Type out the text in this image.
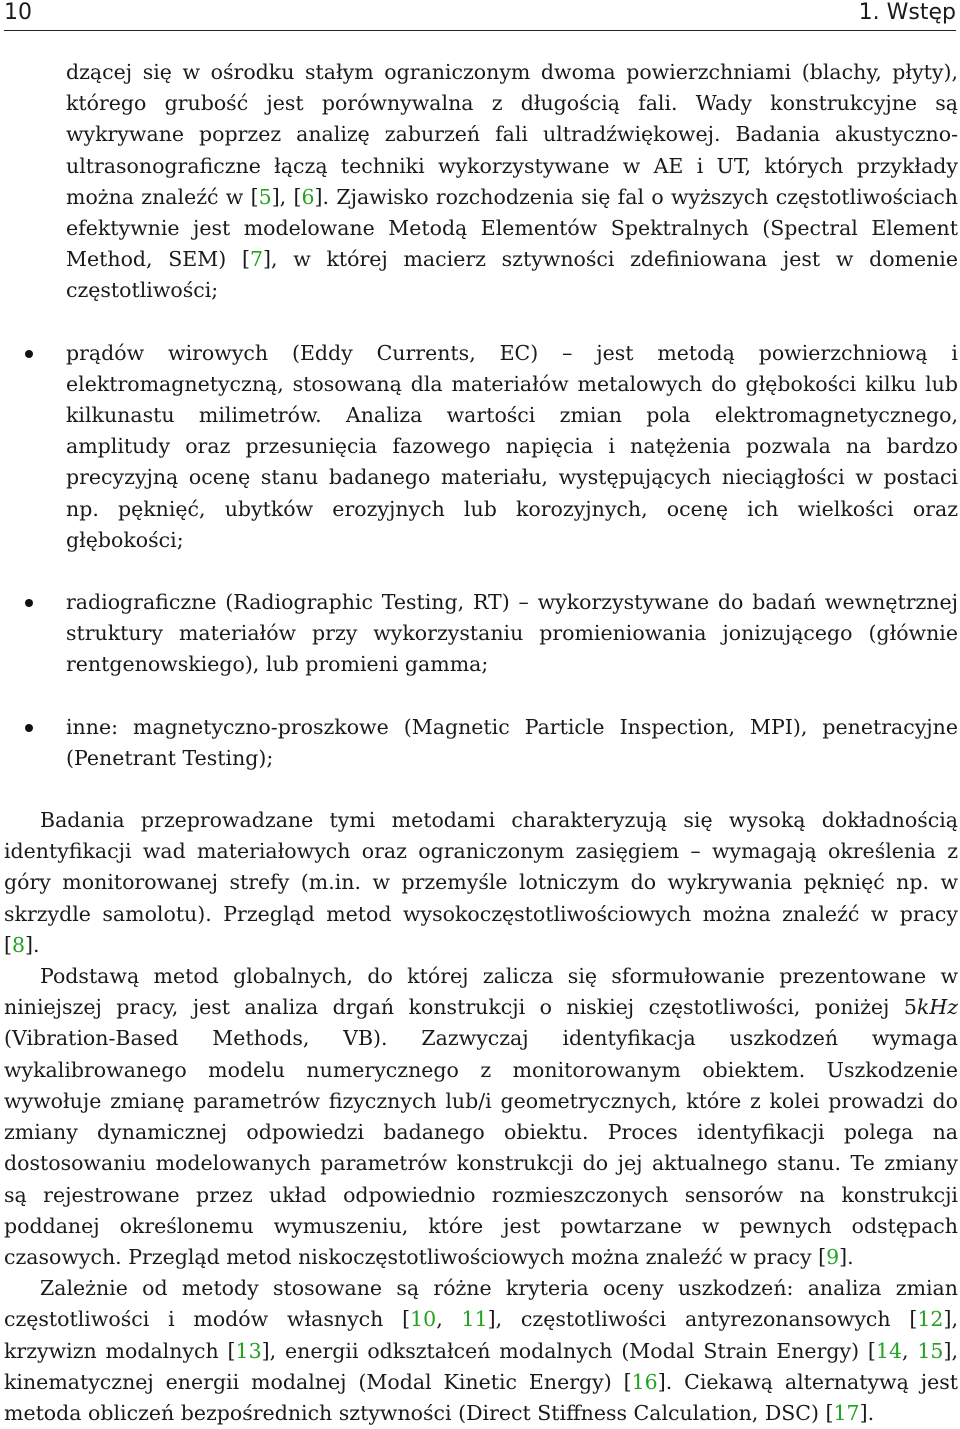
10	1. Wstęp
dzącej się w ośrodku stałym ograniczonym dwoma powierzchniami (blachy, płyty), którego grubość jest porównywalna z długością fali. Wady konstrukcyjne są wykrywane poprzez analizę zaburzeń fali ultradźwiękowej. Badania akustyczno-ultrasonograficzne łączą techniki wykorzystywane w AE i UT, których przykłady można znaleźć w [5], [6]. Zjawisko rozchodzenia się fal o wyższych częstotliwościach efektywnie jest modelowane Metodą Elementów Spektralnych (Spectral Element Method, SEM) [7], w której macierz sztywności zdefiniowana jest w domenie częstotliwości;
prądów wirowych (Eddy Currents, EC) – jest metodą powierzchniową i elektromagnetyczną, stosowaną dla materiałów metalowych do głębokości kilku lub kilkunastu milimetrów. Analiza wartości zmian pola elektromagnetycznego, amplitudy oraz przesunięcia fazowego napięcia i natężenia pozwala na bardzo precyzyjną ocenę stanu badanego materiału, występujących nieciągłości w postaci np. pęknięć, ubytków erozyjnych lub korozyjnych, ocenę ich wielkości oraz głębokości;
radiograficzne (Radiographic Testing, RT) – wykorzystywane do badań wewnętrznej struktury materiałów przy wykorzystaniu promieniowania jonizującego (głównie rentgenowskiego), lub promieni gamma;
inne: magnetyczno-proszkowe (Magnetic Particle Inspection, MPI), penetracyjne (Penetrant Testing);

Badania przeprowadzane tymi metodami charakteryzują się wysoką dokładnością identyfikacji wad materiałowych oraz ograniczonym zasięgiem – wymagają określenia z góry monitorowanej strefy (m.in. w przemyśle lotniczym do wykrywania pęknięć np. w skrzydle samolotu). Przegląd metod wysokoczęstotliwościowych można znaleźć w pracy [8].

Podstawą metod globalnych, do której zalicza się sformułowanie prezentowane w niniejszej pracy, jest analiza drgań konstrukcji o niskiej częstotliwości, poniżej 5kHz (Vibration-Based Methods, VB). Zazwyczaj identyfikacja uszkodzeń wymaga wykalibrowanego modelu numerycznego z monitorowanym obiektem. Uszkodzenie wywołuje zmianę parametrów fizycznych lub/i geometrycznych, które z kolei prowadzi do zmiany dynamicznej odpowiedzi badanego obiektu. Proces identyfikacji polega na dostosowaniu modelowanych parametrów konstrukcji do jej aktualnego stanu. Te zmiany są rejestrowane przez układ odpowiednio rozmieszczonych sensorów na konstrukcji poddanej określonemu wymuszeniu, które jest powtarzane w pewnych odstępach czasowych. Przegląd metod niskoczęstotliwościowych można znaleźć w pracy [9].

Zależnie od metody stosowane są różne kryteria oceny uszkodzeń: analiza zmian częstotliwości i modów własnych [10, 11], częstotliwości antyrezonansowych [12], krzywizn modalnych [13], energii odkształceń modalnych (Modal Strain Energy) [14, 15], kinematycznej energii modalnej (Modal Kinetic Energy) [16]. Ciekawą alternatywą jest metoda obliczeń bezpośrednich sztywności (Direct Stiffness Calculation, DSC) [17].
